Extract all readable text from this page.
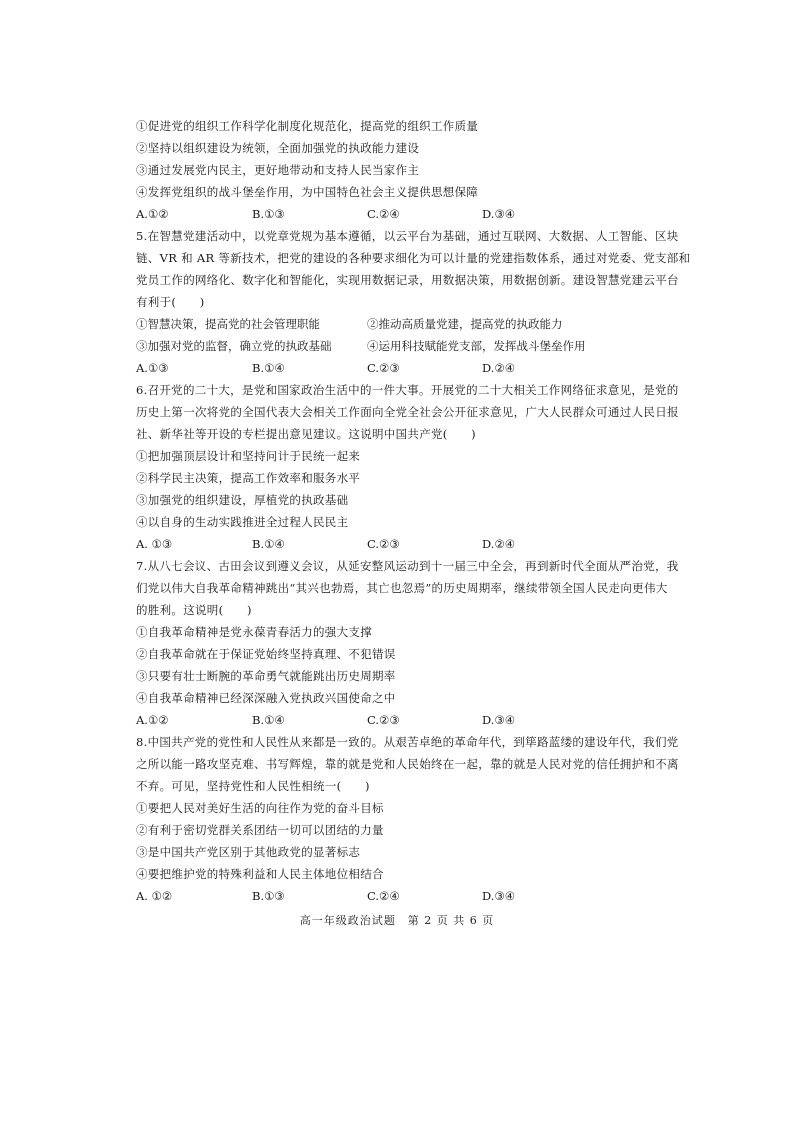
①促进党的组织工作科学化制度化规范化，提高党的组织工作质量
②坚持以组织建设为统领，全面加强党的执政能力建设
③通过发展党内民主，更好地带动和支持人民当家作主
④发挥党组织的战斗堡垒作用，为中国特色社会主义提供思想保障
A.①②	B.①③	C.②④	D.③④
5.在智慧党建活动中，以党章党规为基本遵循，以云平台为基础，通过互联网、大数据、人工智能、区块
链、VR 和 AR 等新技术，把党的建设的各种要求细化为可以计量的党建指数体系，通过对党委、党支部和
党员工作的网络化、数字化和智能化，实现用数据记录，用数据决策，用数据创新。建设智慧党建云平台
有利于(　　)
①智慧决策，提高党的社会管理职能	②推动高质量党建，提高党的执政能力
③加强对党的监督，确立党的执政基础	④运用科技赋能党支部，发挥战斗堡垒作用
A.①③	B.①④	C.②③	D.②④
6.召开党的二十大，是党和国家政治生活中的一件大事。开展党的二十大相关工作网络征求意见，是党的
历史上第一次将党的全国代表大会相关工作面向全党全社会公开征求意见，广大人民群众可通过人民日报
社、新华社等开设的专栏提出意见建议。这说明中国共产党(　　)
①把加强顶层设计和坚持问计于民统一起来
②科学民主决策，提高工作效率和服务水平
③加强党的组织建设，厚植党的执政基础
④以自身的生动实践推进全过程人民民主
A. ①③	B.①④	C.②③	D.②④
7.从八七会议、古田会议到遵义会议，从延安整风运动到十一届三中全会，再到新时代全面从严治党，我
们党以伟大自我革命精神跳出“其兴也勃焉，其亡也忽焉”的历史周期率，继续带领全国人民走向更伟大
的胜利。这说明(　　)
①自我革命精神是党永葆青春活力的强大支撑
②自我革命就在于保证党始终坚持真理、不犯错误
③只要有壮士断腕的革命勇气就能跳出历史周期率
④自我革命精神已经深深融入党执政兴国使命之中
A.①②	B.①④	C.②③	D.③④
8.中国共产党的党性和人民性从来都是一致的。从艰苦卓绝的革命年代，到筚路蓝缕的建设年代，我们党
之所以能一路攻坚克难、书写辉煌，靠的就是党和人民始终在一起，靠的就是人民对党的信任拥护和不离
不弃。可见，坚持党性和人民性相统一(　　)
①要把人民对美好生活的向往作为党的奋斗目标
②有利于密切党群关系团结一切可以团结的力量
③是中国共产党区别于其他政党的显著标志
④要把维护党的特殊利益和人民主体地位相结合
A. ①②	B.①③	C.②④	D.③④
高一年级政治试题　第 2 页 共 6 页
